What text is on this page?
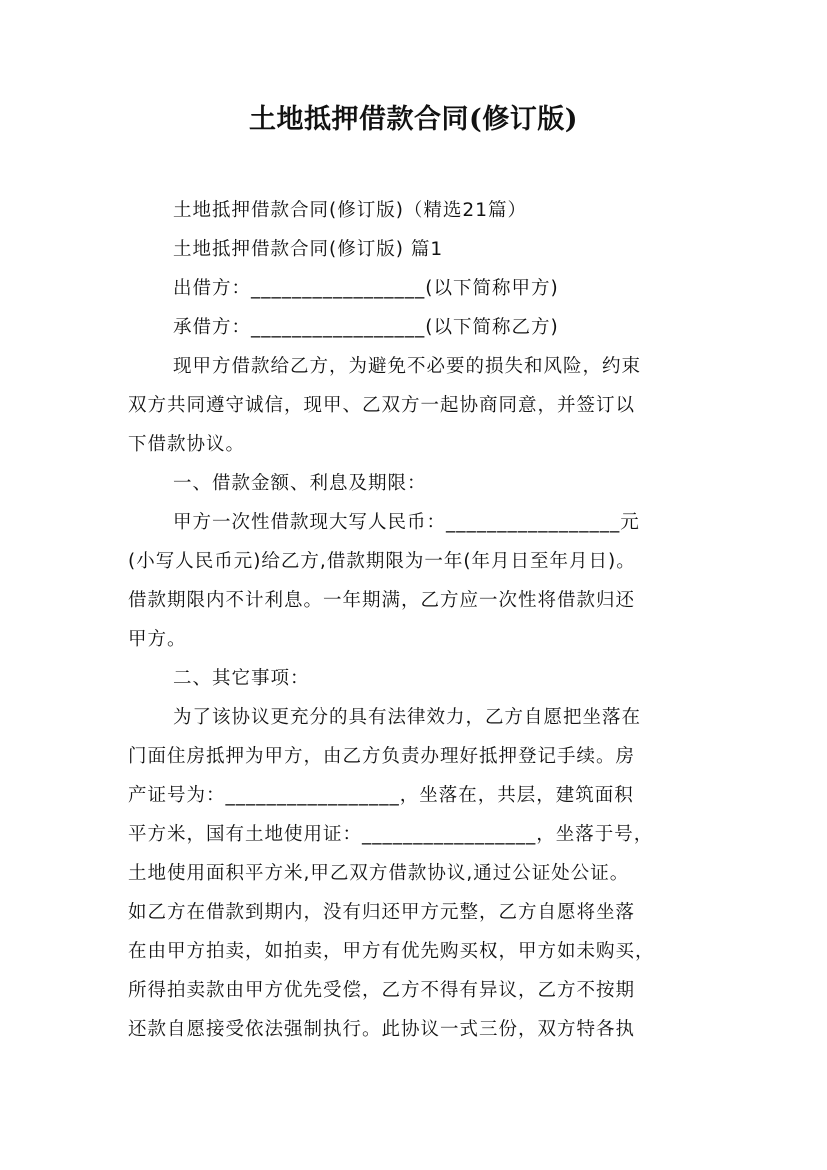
土地抵押借款合同(修订版)
土地抵押借款合同(修订版)（精选21篇）
土地抵押借款合同(修订版) 篇1
出借方：_________________(以下简称甲方)
承借方：_________________(以下简称乙方)
现甲方借款给乙方，为避免不必要的损失和风险，约束
双方共同遵守诚信，现甲、乙双方一起协商同意，并签订以
下借款协议。
一、借款金额、利息及期限：
甲方一次性借款现大写人民币：_________________元
(小写人民币元)给乙方,借款期限为一年(年月日至年月日)。
借款期限内不计利息。一年期满，乙方应一次性将借款归还
甲方。
二、其它事项：
为了该协议更充分的具有法律效力，乙方自愿把坐落在
门面住房抵押为甲方，由乙方负责办理好抵押登记手续。房
产证号为：_________________，坐落在，共层，建筑面积
平方米，国有土地使用证：_________________，坐落于号，
土地使用面积平方米,甲乙双方借款协议,通过公证处公证。
如乙方在借款到期内，没有归还甲方元整，乙方自愿将坐落
在由甲方拍卖，如拍卖，甲方有优先购买权，甲方如未购买，
所得拍卖款由甲方优先受偿，乙方不得有异议，乙方不按期
还款自愿接受依法强制执行。此协议一式三份，双方特各执
